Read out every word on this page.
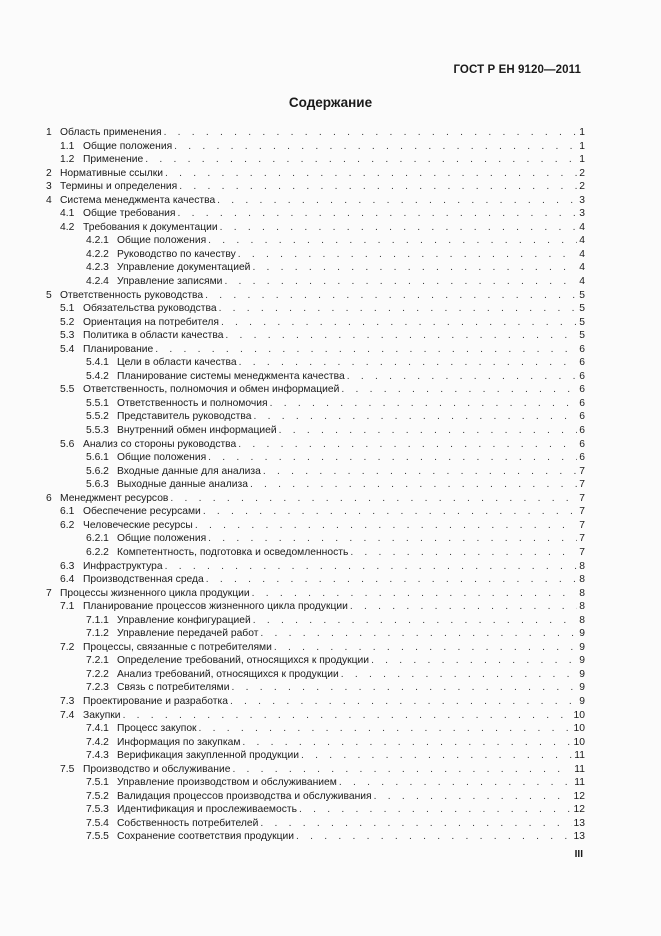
ГОСТ Р ЕН 9120—2011
Содержание
1 Область применения . . .	1
1.1 Общие положения . . .	1
1.2 Применение . . .	1
2 Нормативные ссылки . . .	2
3 Термины и определения . . .	2
4 Система менеджмента качества . . .	3
4.1 Общие требования . . .	3
4.2 Требования к документации . . .	4
4.2.1 Общие положения . . .	4
4.2.2 Руководство по качеству . . .	4
4.2.3 Управление документацией . . .	4
4.2.4 Управление записями . . .	4
5 Ответственность руководства . . .	5
5.1 Обязательства руководства . . .	5
5.2 Ориентация на потребителя . . .	5
5.3 Политика в области качества . . .	5
5.4 Планирование . . .	6
5.4.1 Цели в области качества . . .	6
5.4.2 Планирование системы менеджмента качества . . .	6
5.5 Ответственность, полномочия и обмен информацией . . .	6
5.5.1 Ответственность и полномочия . . .	6
5.5.2 Представитель руководства . . .	6
5.5.3 Внутренний обмен информацией . . .	6
5.6 Анализ со стороны руководства . . .	6
5.6.1 Общие положения . . .	6
5.6.2 Входные данные для анализа . . .	7
5.6.3 Выходные данные анализа . . .	7
6 Менеджмент ресурсов . . .	7
6.1 Обеспечение ресурсами . . .	7
6.2 Человеческие ресурсы . . .	7
6.2.1 Общие положения . . .	7
6.2.2 Компетентность, подготовка и осведомленность . . .	7
6.3 Инфраструктура . . .	8
6.4 Производственная среда . . .	8
7 Процессы жизненного цикла продукции . . .	8
7.1 Планирование процессов жизненного цикла продукции . . .	8
7.1.1 Управление конфигурацией . . .	8
7.1.2 Управление передачей работ . . .	9
7.2 Процессы, связанные с потребителями . . .	9
7.2.1 Определение требований, относящихся к продукции . . .	9
7.2.2 Анализ требований, относящихся к продукции . . .	9
7.2.3 Связь с потребителями . . .	9
7.3 Проектирование и разработка . . .	9
7.4 Закупки . . .	10
7.4.1 Процесс закупок . . .	10
7.4.2 Информация по закупкам . . .	10
7.4.3 Верификация закупленной продукции . . .	11
7.5 Производство и обслуживание . . .	11
7.5.1 Управление производством и обслуживанием . . .	11
7.5.2 Валидация процессов производства и обслуживания . . .	12
7.5.3 Идентификация и прослеживаемость . . .	12
7.5.4 Собственность потребителей . . .	13
7.5.5 Сохранение соответствия продукции . . .	13
III
